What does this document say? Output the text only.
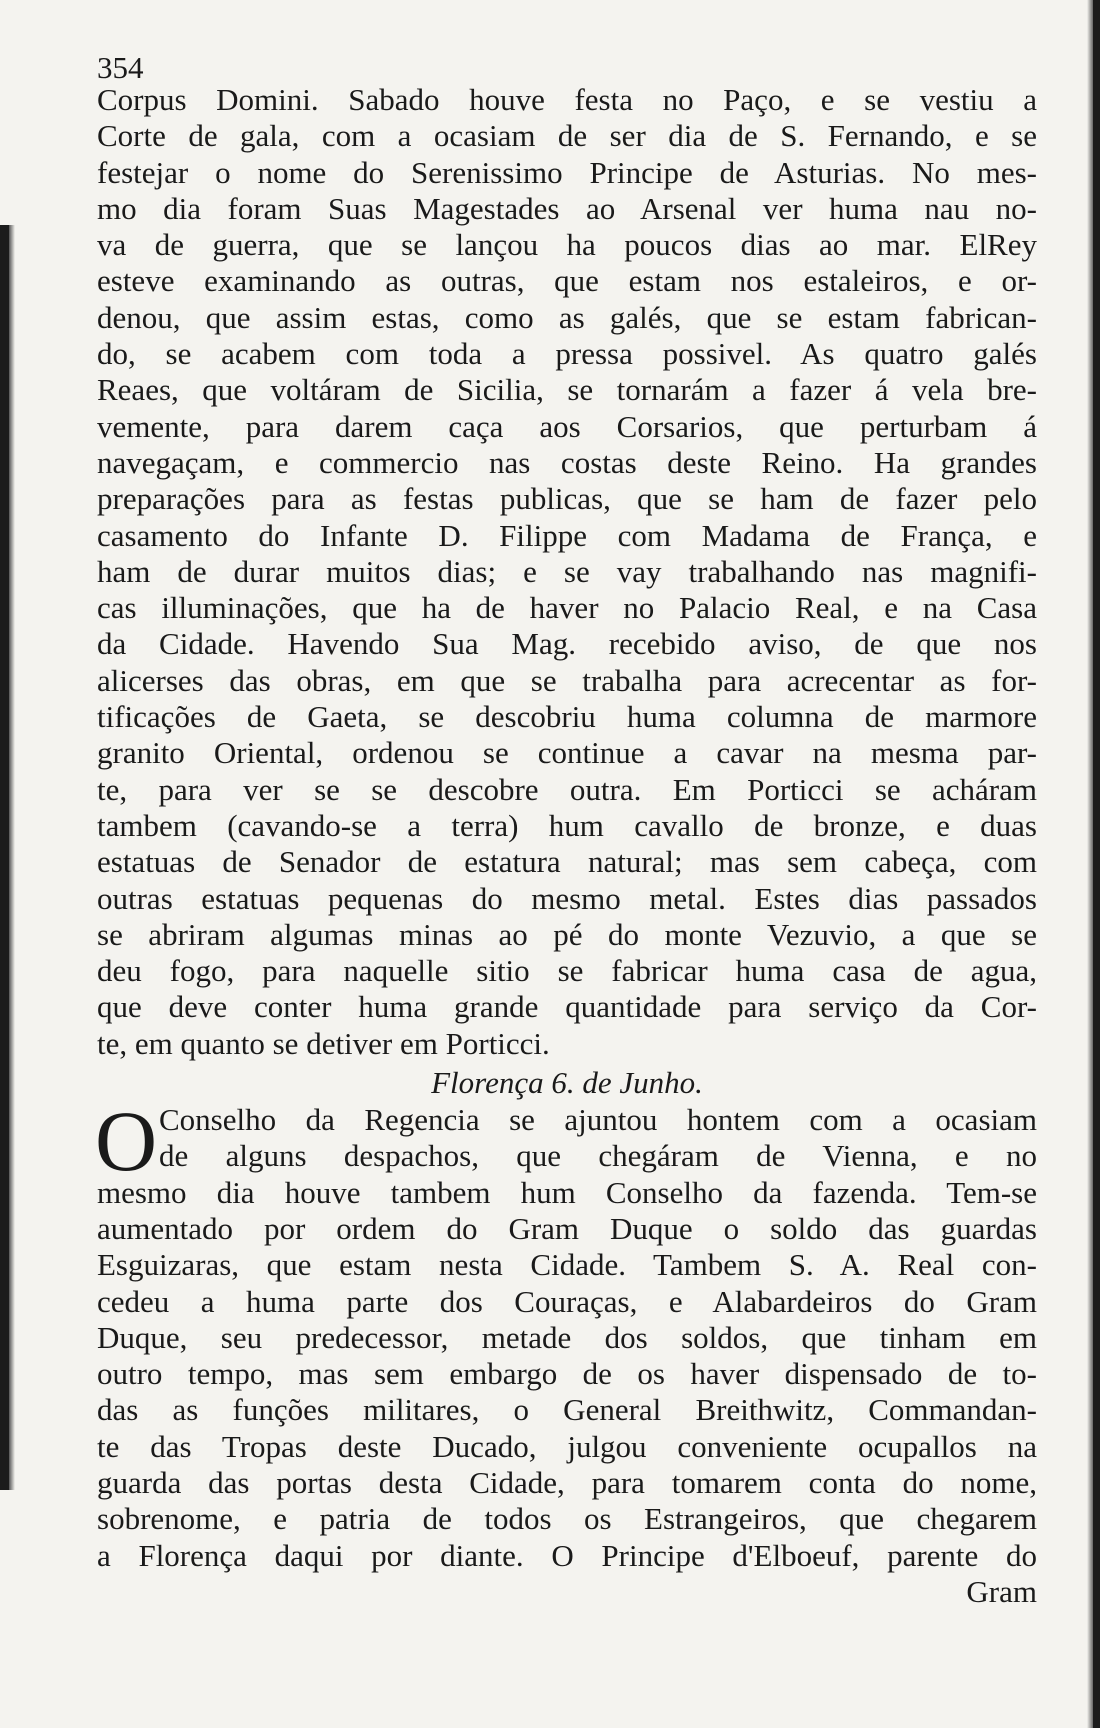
354
Corpus Domini. Sabado houve festa no Paço, e se vestiu a
Corte de gala, com a ocasiam de ser dia de S. Fernando, e se
festejar o nome do Serenissimo Principe de Asturias. No mes-
mo dia foram Suas Magestades ao Arsenal ver huma nau no-
va de guerra, que se lançou ha poucos dias ao mar. ElRey
esteve examinando as outras, que estam nos estaleiros, e or-
denou, que assim estas, como as galés, que se estam fabrican-
do, se acabem com toda a pressa possivel. As quatro galés
Reaes, que voltáram de Sicilia, se tornarám a fazer á vela bre-
vemente, para darem caça aos Corsarios, que perturbam á
navegaçam, e commercio nas costas deste Reino. Ha grandes
preparações para as festas publicas, que se ham de fazer pelo
casamento do Infante D. Filippe com Madama de França, e
ham de durar muitos dias; e se vay trabalhando nas magnifi-
cas illuminações, que ha de haver no Palacio Real, e na Casa
da Cidade. Havendo Sua Mag. recebido aviso, de que nos
alicerses das obras, em que se trabalha para acrecentar as for-
tificações de Gaeta, se descobriu huma columna de marmore
granito Oriental, ordenou se continue a cavar na mesma par-
te, para ver se se descobre outra. Em Porticci se acháram
tambem (cavando-se a terra) hum cavallo de bronze, e duas
estatuas de Senador de estatura natural; mas sem cabeça, com
outras estatuas pequenas do mesmo metal. Estes dias passados
se abriram algumas minas ao pé do monte Vezuvio, a que se
deu fogo, para naquelle sitio se fabricar huma casa de agua,
que deve conter huma grande quantidade para serviço da Cor-
te, em quanto se detiver em Porticci.
Florença 6. de Junho.
O Conselho da Regencia se ajuntou hontem com a ocasiam
de alguns despachos, que chegáram de Vienna, e no
mesmo dia houve tambem hum Conselho da fazenda. Tem-se
aumentado por ordem do Gram Duque o soldo das guardas
Esguizaras, que estam nesta Cidade. Tambem S. A. Real con-
cedeu a huma parte dos Couraças, e Alabardeiros do Gram
Duque, seu predecessor, metade dos soldos, que tinham em
outro tempo, mas sem embargo de os haver dispensado de to-
das as funções militares, o General Breithwitz, Commandan-
te das Tropas deste Ducado, julgou conveniente ocupallos na
guarda das portas desta Cidade, para tomarem conta do nome,
sobrenome, e patria de todos os Estrangeiros, que chegarem
a Florença daqui por diante. O Principe d'Elboeuf, parente do
Gram
